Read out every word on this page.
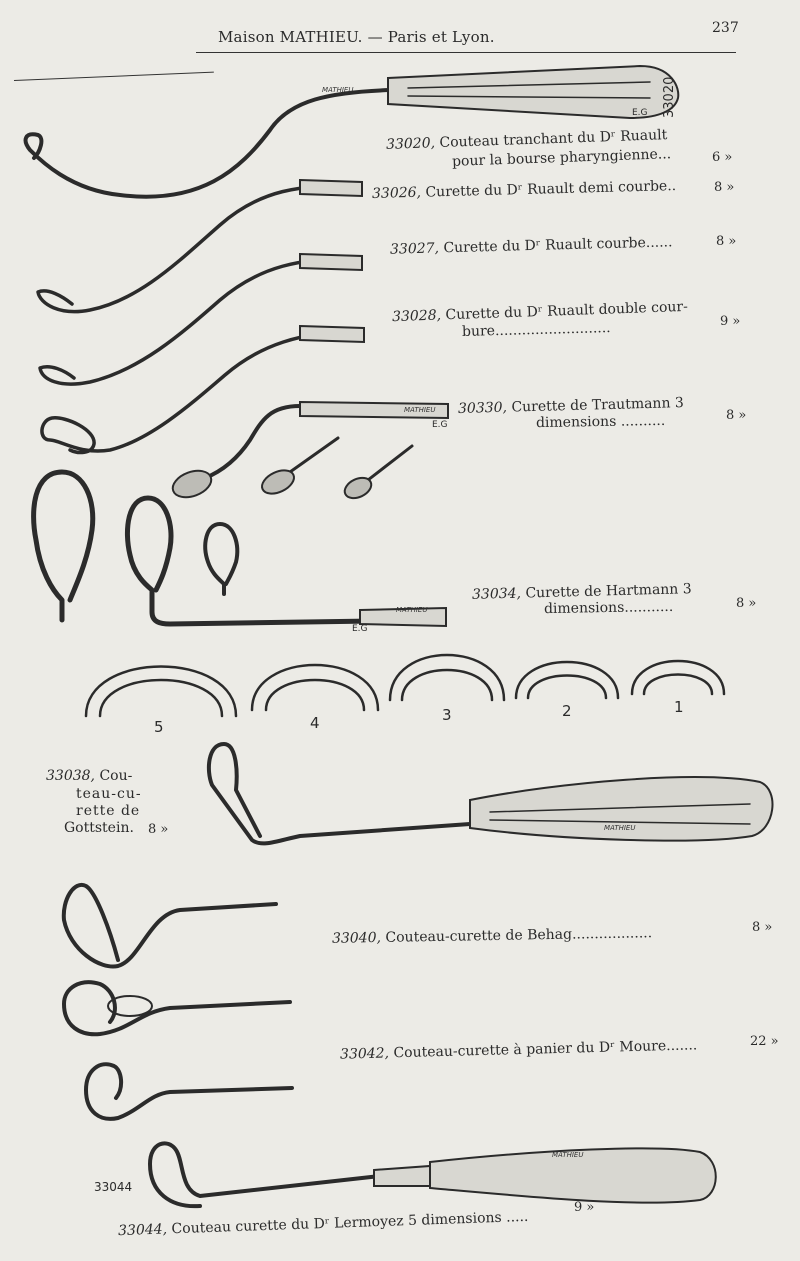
Maison MATHIEU. — Paris et Lyon.	237
MATHIEU
MATHIEU
MATHIEU
MATHIEU
MATHIEU
33020
E.G
E.G
E.G
33020, Couteau tranchant du Dʳ Ruault
pour la bourse pharyngienne...	6 »
33026, Curette du Dʳ Ruault demi courbe..	8 »
33027, Curette du Dʳ Ruault courbe......	8 »
33028, Curette du Dʳ Ruault double cour-
bure..........................	9 »
30330, Curette de Trautmann 3
dimensions ..........	8 »
33034, Curette de Hartmann 3
dimensions...........	8 »
5	4	3	2	1
33038, Cou-
teau-cu-
rette de
Gottstein. 8 »
33040, Couteau-curette de Behag..................	8 »
33042, Couteau-curette à panier du Dʳ Moure.......	22 »
33044
33044, Couteau curette du Dʳ Lermoyez 5 dimensions .....
9 »
